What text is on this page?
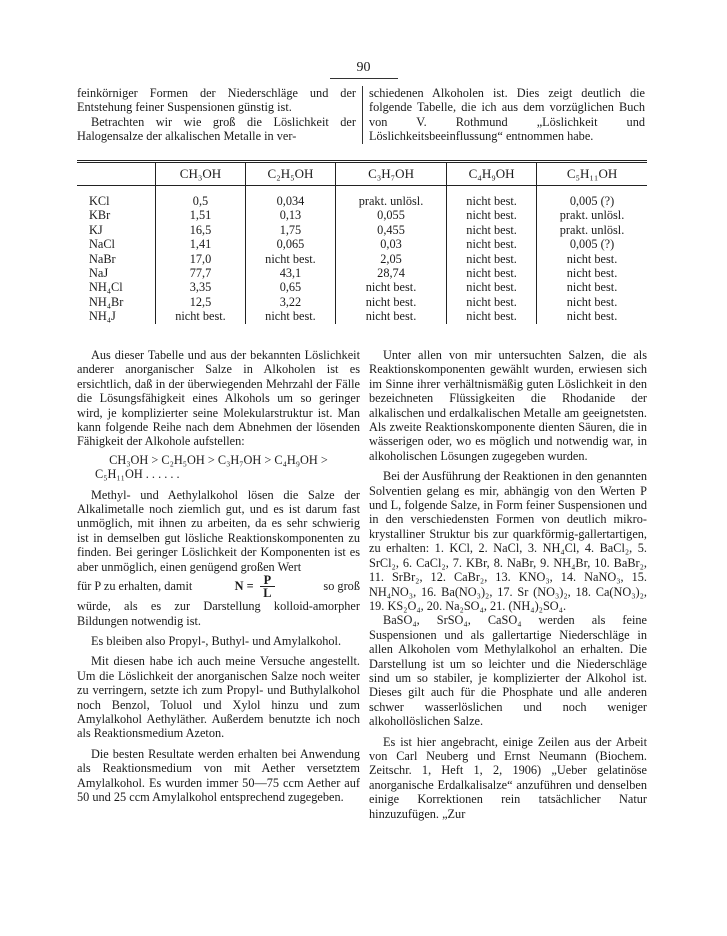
90

feinkörniger Formen der Niederschläge und der Entstehung feiner Suspensionen günstig ist.

Betrachten wir wie groß die Löslichkeit der Halogensalze der alkalischen Metalle in ver-

schiedenen Alkoholen ist. Dies zeigt deutlich die folgende Tabelle, die ich aus dem vorzüglichen Buch von V. Rothmund „Löslichkeit und Löslichkeitsbeeinflussung“ entnommen habe.

	CH₃OH	C₂H₅OH	C₃H₇OH	C₄H₉OH	C₅H₁₁OH
KCl	0,5	0,034	prakt. unlösl.	nicht best.	0,005 (?)
KBr	1,51	0,13	0,055	nicht best.	prakt. unlösl.
KJ	16,5	1,75	0,455	nicht best.	prakt. unlösl.
NaCl	1,41	0,065	0,03	nicht best.	0,005 (?)
NaBr	17,0	nicht best.	2,05	nicht best.	nicht best.
NaJ	77,7	43,1	28,74	nicht best.	nicht best.
NH₄Cl	3,35	0,65	nicht best.	nicht best.	nicht best.
NH₄Br	12,5	3,22	nicht best.	nicht best.	nicht best.
NH₄J	nicht best.	nicht best.	nicht best.	nicht best.	nicht best.

Aus dieser Tabelle und aus der bekannten Löslichkeit anderer anorganischer Salze in Alkoholen ist es ersichtlich, daß in der überwiegenden Mehrzahl der Fälle die Lösungsfähigkeit eines Alkohols um so geringer wird, je komplizierter seine Molekularstruktur ist. Man kann folgende Reihe nach dem Abnehmen der lösenden Fähigkeit der Alkohole aufstellen:

CH₃OH > C₂H₅OH > C₃H₇OH > C₄H₉OH >

C₅H₁₁OH . . . . . .

Methyl- und Aethylalkohol lösen die Salze der Alkalimetalle noch ziemlich gut, und es ist darum fast unmöglich, mit ihnen zu arbeiten, da es sehr schwierig ist in demselben gut lösliche Reaktionskomponenten zu finden. Bei geringer Löslichkeit der Komponenten ist es aber unmöglich, einen genügend großen Wert

für P zu erhalten, damit	$N = \frac{P}{L}$	so groß

würde, als es zur Darstellung kolloid-amorpher Bildungen notwendig ist.

Es bleiben also Propyl-, Buthyl- und Amylalkohol.

Mit diesen habe ich auch meine Versuche angestellt. Um die Löslichkeit der anorganischen Salze noch weiter zu verringern, setzte ich zum Propyl- und Buthylalkohol noch Benzol, Toluol und Xylol hinzu und zum Amylalkohol Aethyläther. Außerdem benutzte ich noch als Reaktionsmedium Azeton.

Die besten Resultate werden erhalten bei Anwendung als Reaktionsmedium von mit Aether versetztem Amylalkohol. Es wurden immer 50—75 ccm Aether auf 50 und 25 ccm Amylalkohol entsprechend zugegeben.

Unter allen von mir untersuchten Salzen, die als Reaktionskomponenten gewählt wurden, erwiesen sich im Sinne ihrer verhältnismäßig guten Löslichkeit in den bezeichneten Flüssigkeiten die Rhodanide der alkalischen und erdalkalischen Metalle am geeignetsten. Als zweite Reaktionskomponente dienten Säuren, die in wässerigen oder, wo es möglich und notwendig war, in alkoholischen Lösungen zugegeben wurden.

Bei der Ausführung der Reaktionen in den genannten Solventien gelang es mir, abhängig von den Werten P und L, folgende Salze, in Form feiner Suspensionen und in den verschiedensten Formen von deutlich mikro-krystalliner Struktur bis zur quarkförmig-gallertartigen, zu erhalten: 1. KCl, 2. NaCl, 3. NH₄Cl, 4. BaCl₂, 5. SrCl₂, 6. CaCl₂, 7. KBr, 8. NaBr, 9. NH₄Br, 10. BaBr₂, 11. SrBr₂, 12. CaBr₂, 13. KNO₃, 14. NaNO₃, 15. NH₄NO₃, 16. Ba(NO₃)₂, 17. Sr (NO₃)₂, 18. Ca(NO₃)₂, 19. KS₂O₄, 20. Na₂SO₄, 21. (NH₄)₂SO₄.

BaSO₄, SrSO₄, CaSO₄ werden als feine Suspensionen und als gallertartige Niederschläge in allen Alkoholen vom Methylalkohol an erhalten. Die Darstellung ist um so leichter und die Niederschläge sind um so stabiler, je komplizierter der Alkohol ist. Dieses gilt auch für die Phosphate und alle anderen schwer wasserlöslichen und noch weniger alkohollöslichen Salze.

Es ist hier angebracht, einige Zeilen aus der Arbeit von Carl Neuberg und Ernst Neumann (Biochem. Zeitschr. 1, Heft 1, 2, 1906) „Ueber gelatinöse anorganische Erdalkalisalze“ anzuführen und denselben einige Korrektionen rein tatsächlicher Natur hinzuzufügen. „Zur
